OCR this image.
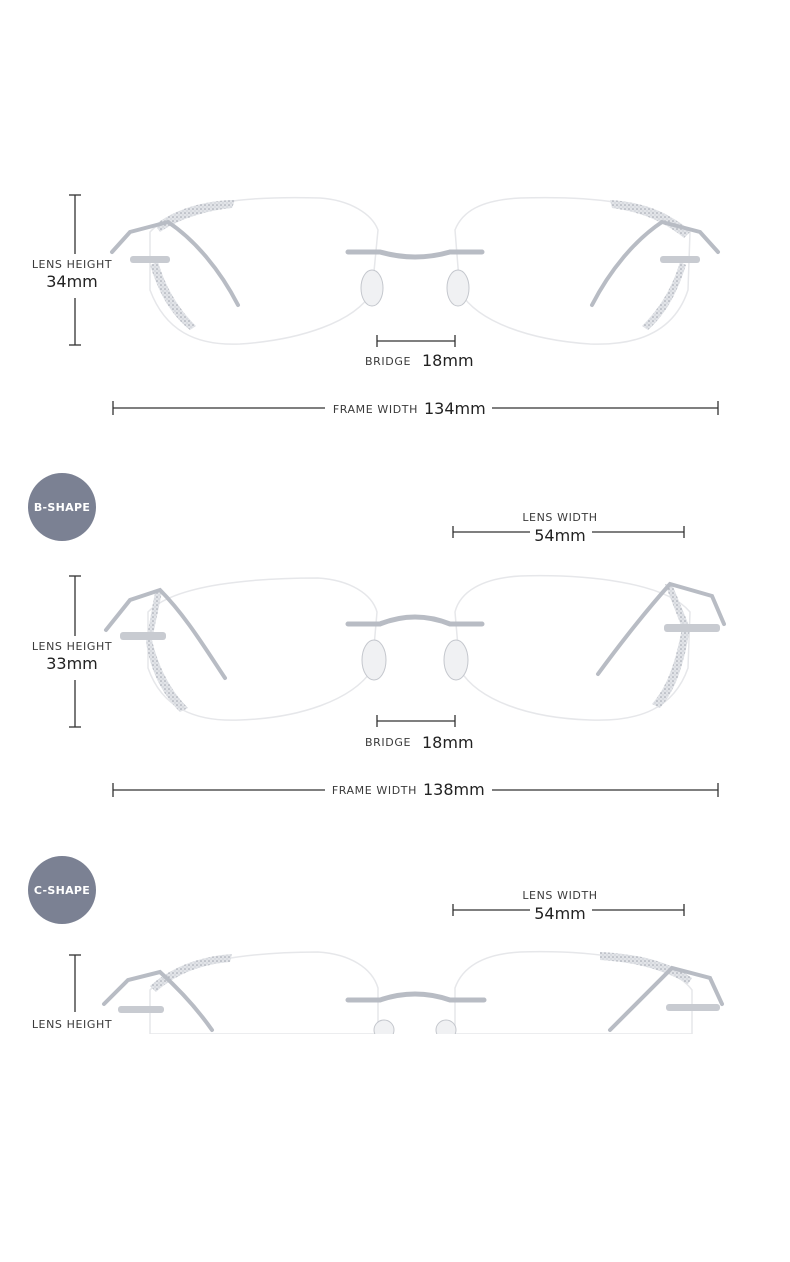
LENS HEIGHT
34mm
BRIDGE 18mm
FRAME WIDTH 134mm
B-SHAPE
LENS WIDTH
54mm
LENS HEIGHT
33mm
BRIDGE 18mm
FRAME WIDTH 138mm
C-SHAPE	LENS WIDTH
54mm
LENS HEIGHT
